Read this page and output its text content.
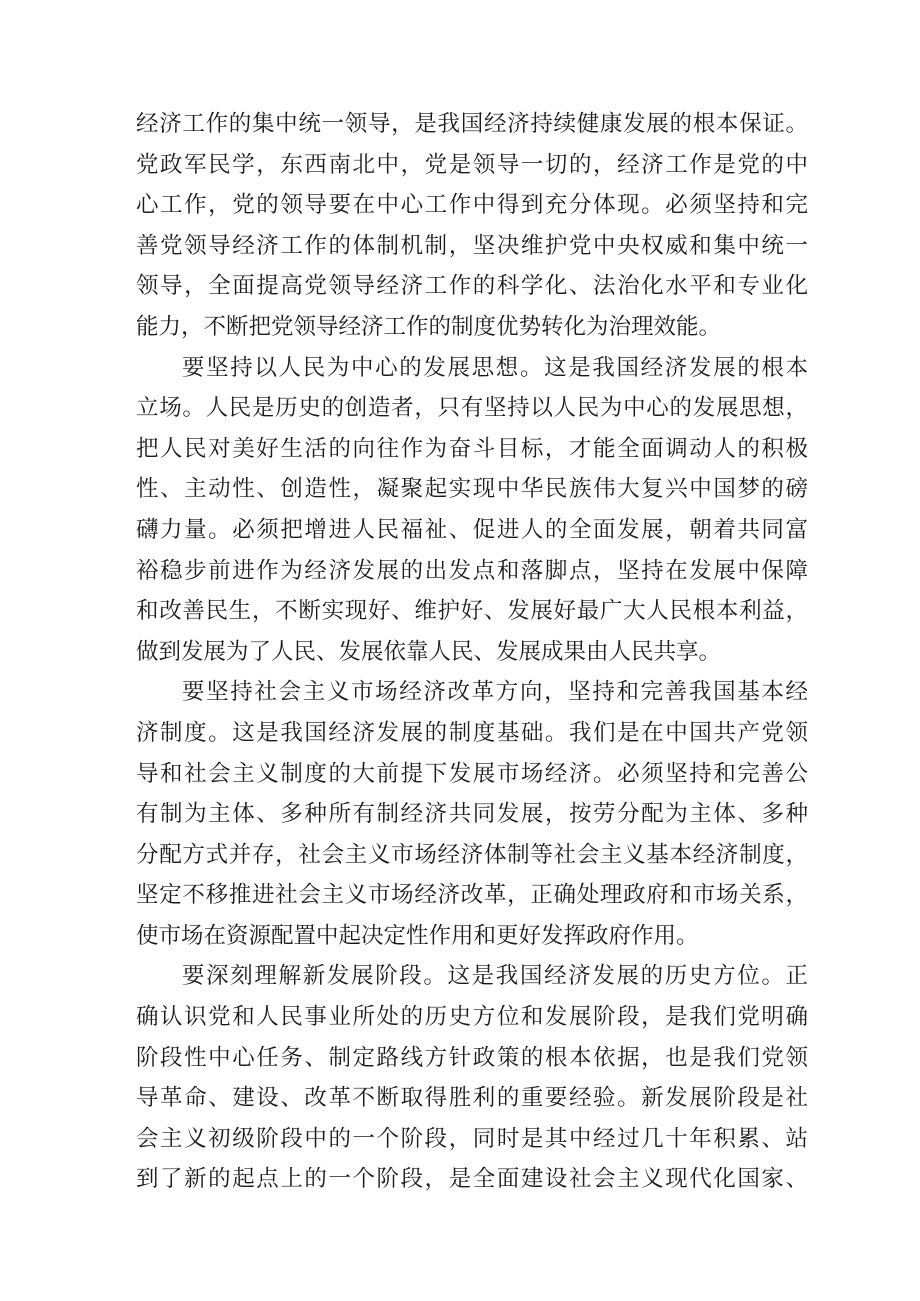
经济工作的集中统一领导，是我国经济持续健康发展的根本保证。
党政军民学，东西南北中，党是领导一切的，经济工作是党的中
心工作，党的领导要在中心工作中得到充分体现。必须坚持和完
善党领导经济工作的体制机制，坚决维护党中央权威和集中统一
领导，全面提高党领导经济工作的科学化、法治化水平和专业化
能力，不断把党领导经济工作的制度优势转化为治理效能。
要坚持以人民为中心的发展思想。这是我国经济发展的根本
立场。人民是历史的创造者，只有坚持以人民为中心的发展思想，
把人民对美好生活的向往作为奋斗目标，才能全面调动人的积极
性、主动性、创造性，凝聚起实现中华民族伟大复兴中国梦的磅
礴力量。必须把增进人民福祉、促进人的全面发展，朝着共同富
裕稳步前进作为经济发展的出发点和落脚点，坚持在发展中保障
和改善民生，不断实现好、维护好、发展好最广大人民根本利益，
做到发展为了人民、发展依靠人民、发展成果由人民共享。
要坚持社会主义市场经济改革方向，坚持和完善我国基本经
济制度。这是我国经济发展的制度基础。我们是在中国共产党领
导和社会主义制度的大前提下发展市场经济。必须坚持和完善公
有制为主体、多种所有制经济共同发展，按劳分配为主体、多种
分配方式并存，社会主义市场经济体制等社会主义基本经济制度，
坚定不移推进社会主义市场经济改革，正确处理政府和市场关系，
使市场在资源配置中起决定性作用和更好发挥政府作用。
要深刻理解新发展阶段。这是我国经济发展的历史方位。正
确认识党和人民事业所处的历史方位和发展阶段，是我们党明确
阶段性中心任务、制定路线方针政策的根本依据，也是我们党领
导革命、建设、改革不断取得胜利的重要经验。新发展阶段是社
会主义初级阶段中的一个阶段，同时是其中经过几十年积累、站
到了新的起点上的一个阶段，是全面建设社会主义现代化国家、
